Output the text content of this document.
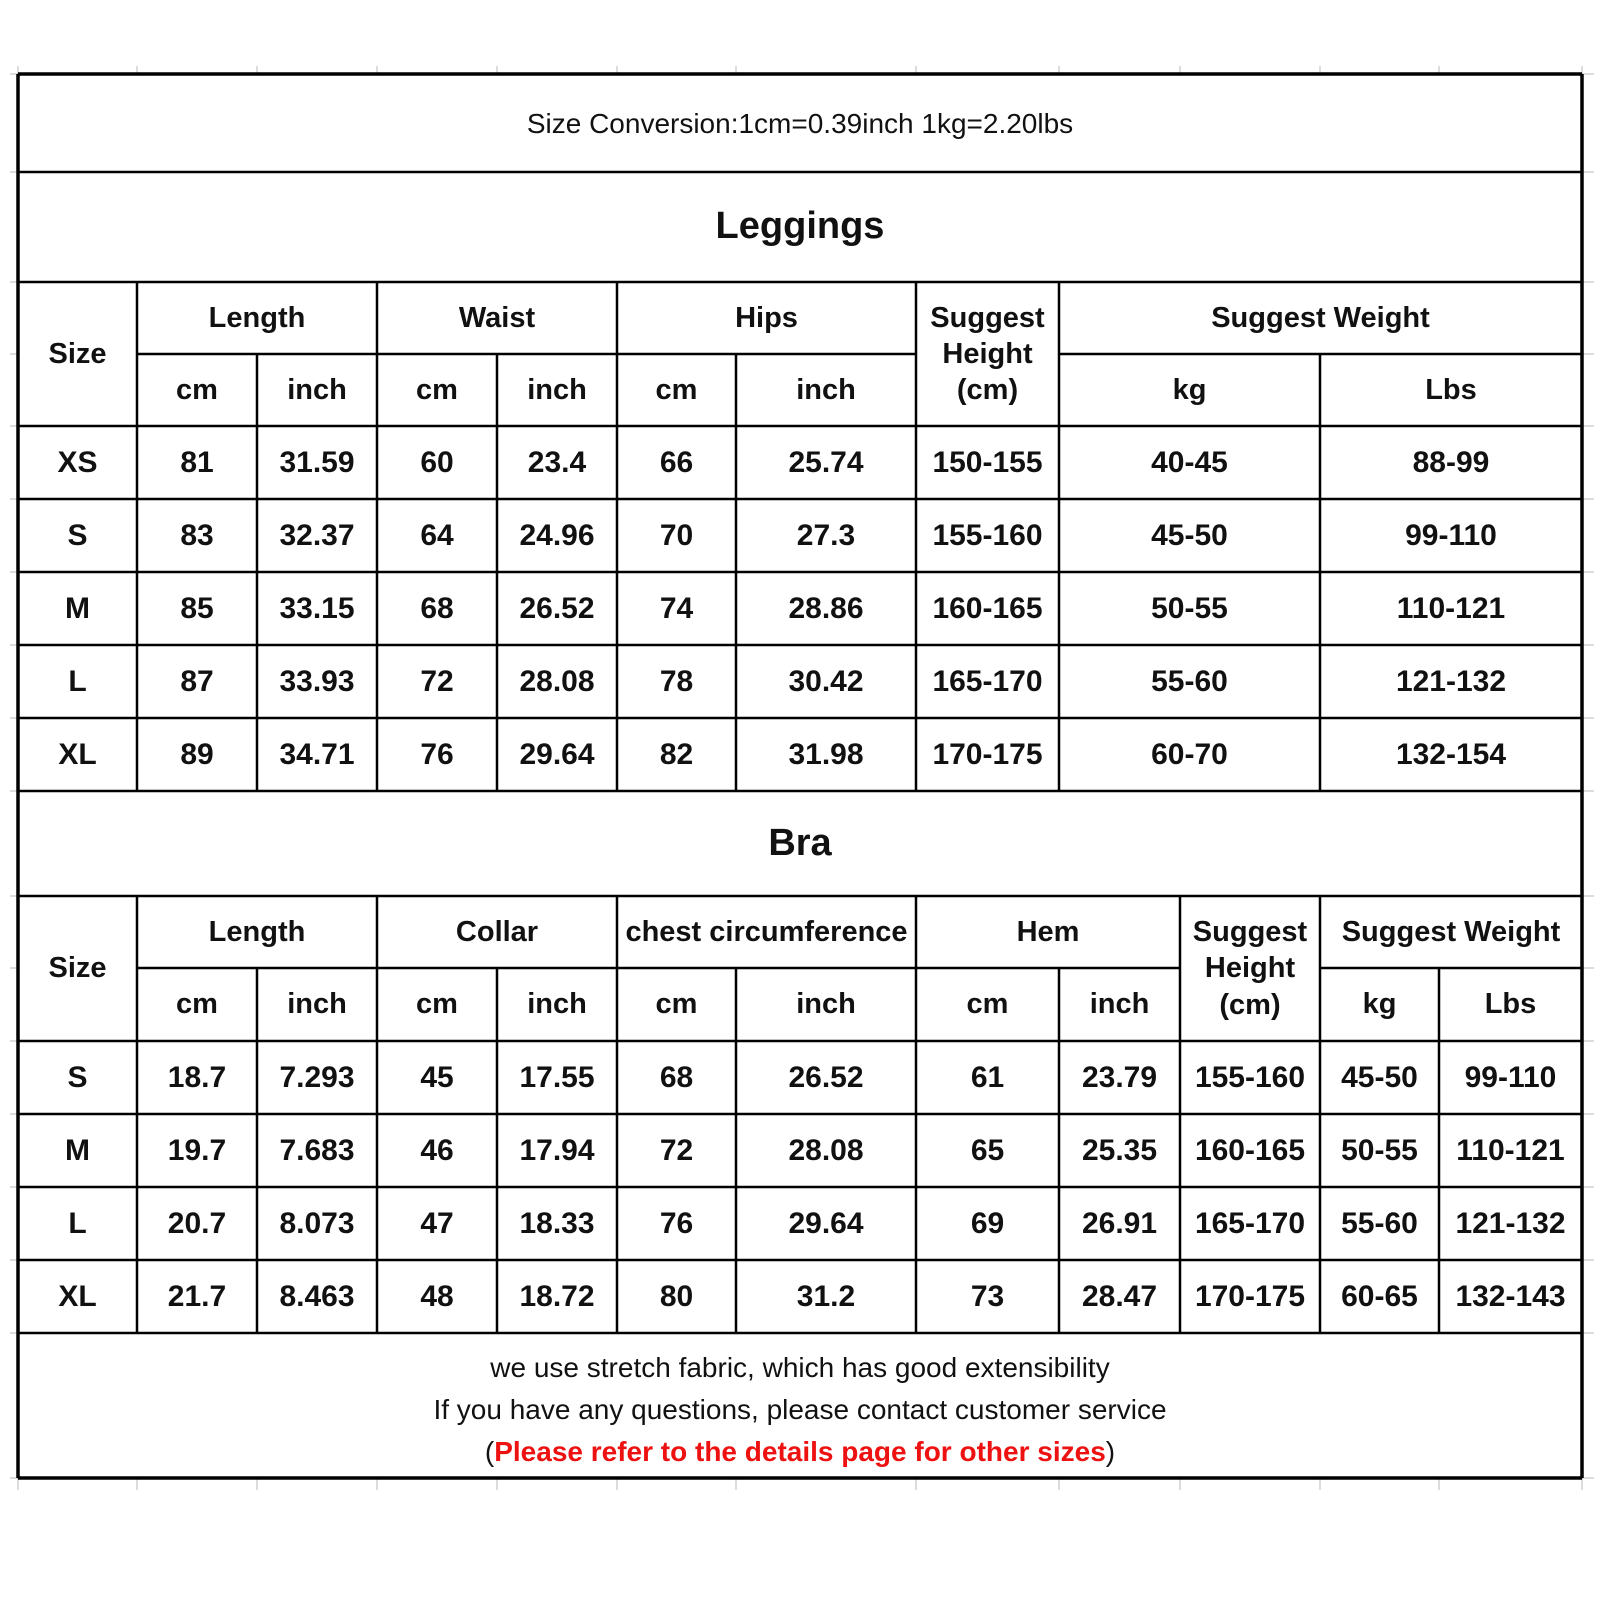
Size Conversion:1cm=0.39inch 1kg=2.20lbs
Leggings
Bra
Size
Length	Waist	Hips	Suggest
Height
(cm)
Suggest Weight
cm	inch	cm	inch	cm	inch	kg	Lbs
XS	81	31.59	60	23.4	66	25.74	150-155	40-45	88-99
S	83	32.37	64	24.96	70	27.3	155-160	45-50	99-110
M	85	33.15	68	26.52	74	28.86	160-165	50-55	110-121
L	87	33.93	72	28.08	78	30.42	165-170	55-60	121-132
XL	89	34.71	76	29.64	82	31.98	170-175	60-70	132-154
Size
Length	Collar	chest circumference	Hem	Suggest
Height
(cm)
Suggest Weight
cm	inch	cm	inch	cm	inch	cm	inch	kg	Lbs
S	18.7	7.293	45	17.55	68	26.52	61	23.79	155-160	45-50	99-110
M	19.7	7.683	46	17.94	72	28.08	65	25.35	160-165	50-55	110-121
L	20.7	8.073	47	18.33	76	29.64	69	26.91	165-170	55-60	121-132
XL	21.7	8.463	48	18.72	80	31.2	73	28.47	170-175	60-65	132-143
we use stretch fabric, which has good extensibility
If you have any questions, please contact customer service
(Please refer to the details page for other sizes)
